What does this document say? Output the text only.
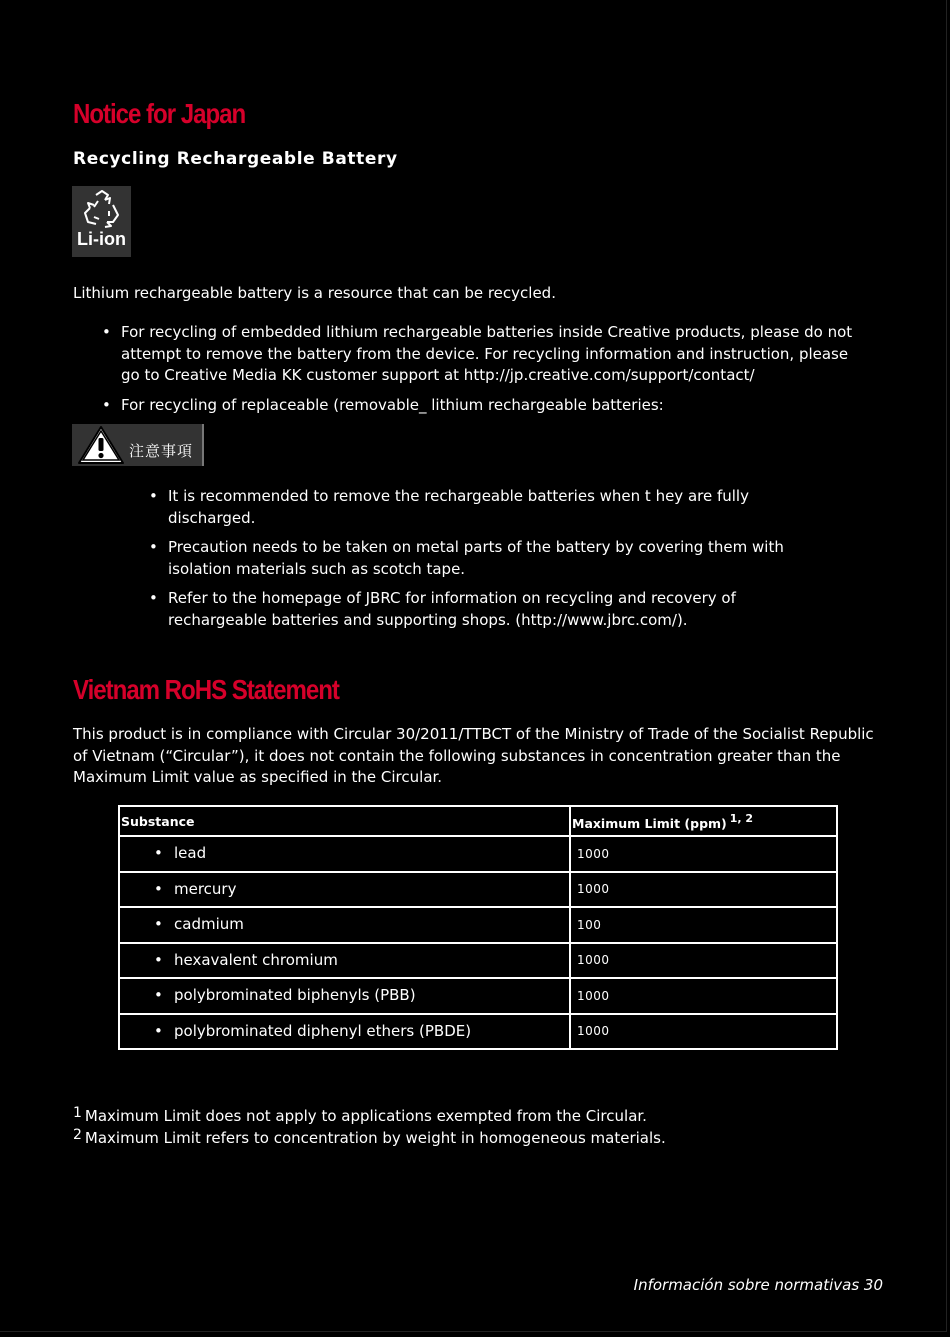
Notice for Japan
Recycling Rechargeable Battery
Li-ion

Lithium rechargeable battery is a resource that can be recycled.

• For recycling of embedded lithium rechargeable batteries inside Creative products, please do not attempt to remove the battery from the device. For recycling information and instruction, please go to Creative Media KK customer support at http://jp.creative.com/support/contact/
• For recycling of replaceable (removable_ lithium rechargeable batteries:
注意事項
• It is recommended to remove the rechargeable batteries when t hey are fully discharged.
• Precaution needs to be taken on metal parts of the battery by covering them with isolation materials such as scotch tape.
• Refer to the homepage of JBRC for information on recycling and recovery of rechargeable batteries and supporting shops. (http://www.jbrc.com/).
Vietnam RoHS Statement

This product is in compliance with Circular 30/2011/TTBCT of the Ministry of Trade of the Socialist Republic of Vietnam (“Circular”), it does not contain the following substances in concentration greater than the Maximum Limit value as specified in the Circular.

Substance	Maximum Limit (ppm) $^{1, 2}$

• lead	1000

• mercury	1000

• cadmium	100

• hexavalent chromium	1000

• polybrominated biphenyls (PBB)	1000

• polybrominated diphenyl ethers (PBDE)	1000
$^1$ Maximum Limit does not apply to applications exempted from the Circular.
$^2$ Maximum Limit refers to concentration by weight in homogeneous materials.
Información sobre normativas 30
